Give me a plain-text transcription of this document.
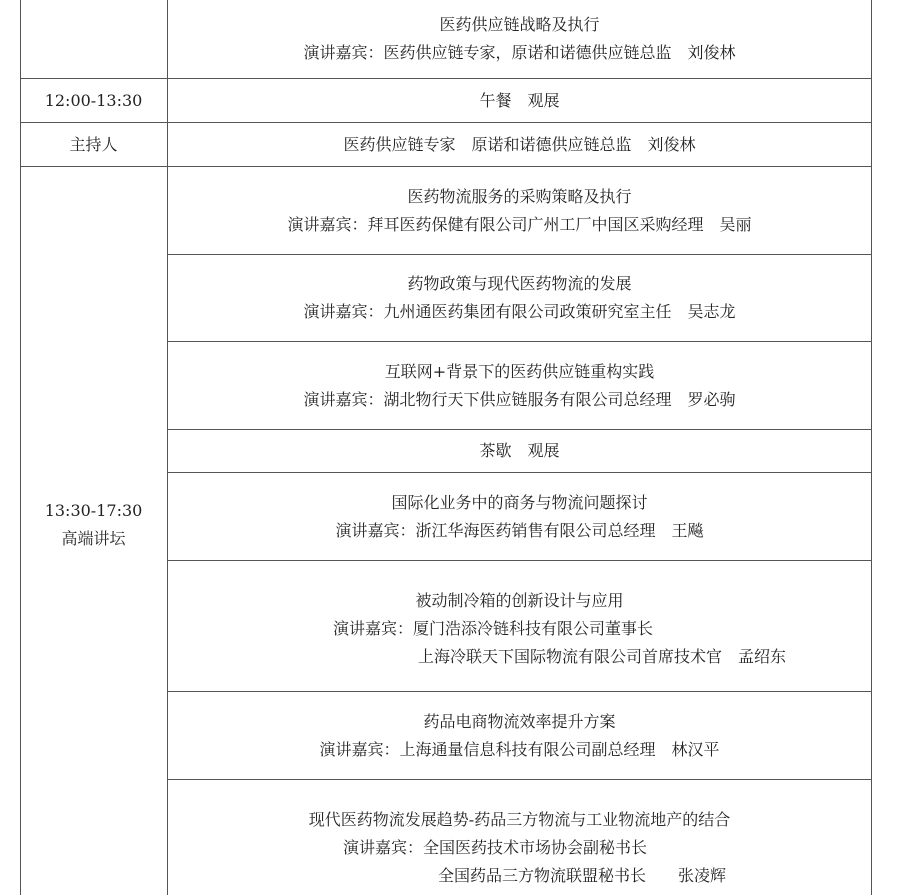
医药供应链战略及执行
演讲嘉宾：医药供应链专家，原诺和诺德供应链总监　刘俊林
12:00-13:30	午餐　观展
主持人	医药供应链专家　原诺和诺德供应链总监　刘俊林
13:30-17:30
高端讲坛
医药物流服务的采购策略及执行
演讲嘉宾：拜耳医药保健有限公司广州工厂中国区采购经理　吴丽
药物政策与现代医药物流的发展
演讲嘉宾：九州通医药集团有限公司政策研究室主任　吴志龙
互联网+背景下的医药供应链重构实践
演讲嘉宾：湖北物行天下供应链服务有限公司总经理　罗必驹
茶歇　观展
国际化业务中的商务与物流问题探讨
演讲嘉宾：浙江华海医药销售有限公司总经理　王飚
被动制冷箱的创新设计与应用
演讲嘉宾：厦门浩添冷链科技有限公司董事长
上海冷联天下国际物流有限公司首席技术官　孟绍东
药品电商物流效率提升方案
演讲嘉宾：上海通量信息科技有限公司副总经理　林汉平
现代医药物流发展趋势-药品三方物流与工业物流地产的结合
演讲嘉宾：全国医药技术市场协会副秘书长
全国药品三方物流联盟秘书长　　张凌辉
